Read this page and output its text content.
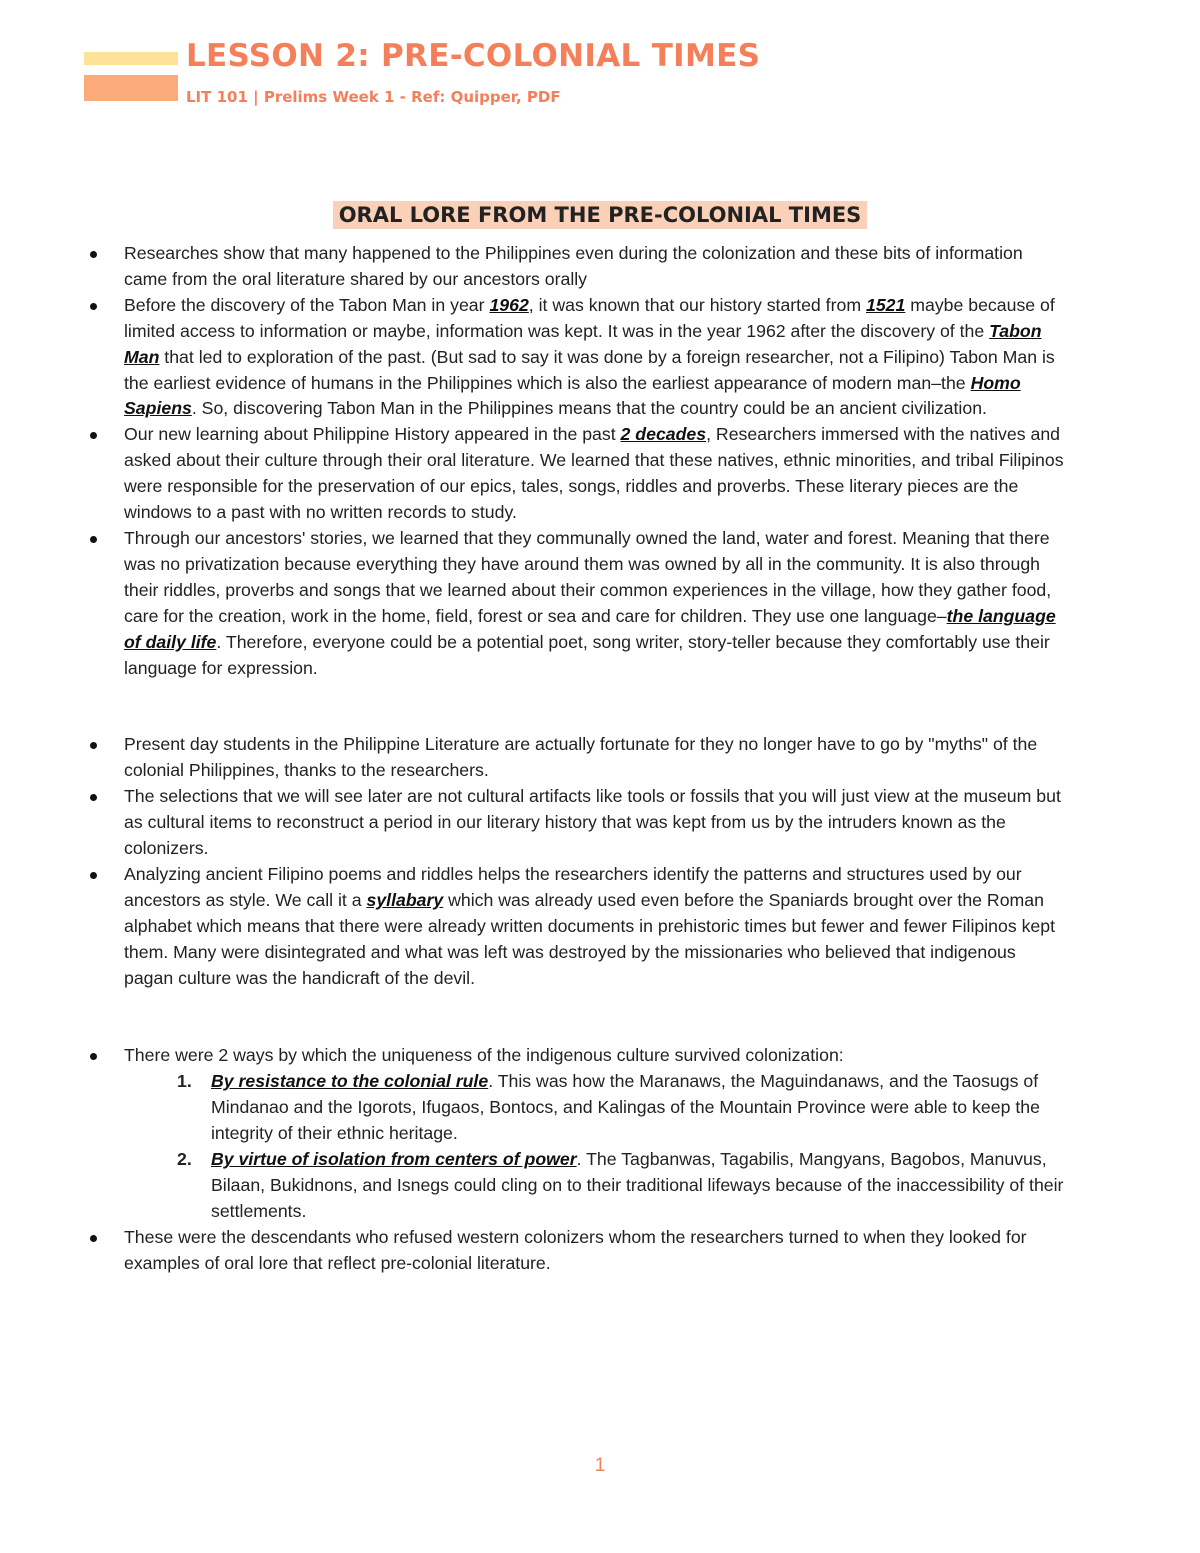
LESSON 2: PRE-COLONIAL TIMES

LIT 101 | Prelims Week 1 - Ref: Quipper, PDF

ORAL LORE FROM THE PRE-COLONIAL TIMES
Researches show that many happened to the Philippines even during the colonization and these bits of information came from the oral literature shared by our ancestors orally
Before the discovery of the Tabon Man in year 1962, it was known that our history started from 1521 maybe because of limited access to information or maybe, information was kept. It was in the year 1962 after the discovery of the Tabon Man that led to exploration of the past. (But sad to say it was done by a foreign researcher, not a Filipino) Tabon Man is the earliest evidence of humans in the Philippines which is also the earliest appearance of modern man–the Homo Sapiens. So, discovering Tabon Man in the Philippines means that the country could be an ancient civilization.
Our new learning about Philippine History appeared in the past 2 decades, Researchers immersed with the natives and asked about their culture through their oral literature. We learned that these natives, ethnic minorities, and tribal Filipinos were responsible for the preservation of our epics, tales, songs, riddles and proverbs. These literary pieces are the windows to a past with no written records to study.
Through our ancestors' stories, we learned that they communally owned the land, water and forest. Meaning that there was no privatization because everything they have around them was owned by all in the community. It is also through their riddles, proverbs and songs that we learned about their common experiences in the village, how they gather food, care for the creation, work in the home, field, forest or sea and care for children. They use one language–the language of daily life. Therefore, everyone could be a potential poet, song writer, story-teller because they comfortably use their language for expression.
Present day students in the Philippine Literature are actually fortunate for they no longer have to go by "myths" of the colonial Philippines, thanks to the researchers.
The selections that we will see later are not cultural artifacts like tools or fossils that you will just view at the museum but as cultural items to reconstruct a period in our literary history that was kept from us by the intruders known as the colonizers.
Analyzing ancient Filipino poems and riddles helps the researchers identify the patterns and structures used by our ancestors as style. We call it a syllabary which was already used even before the Spaniards brought over the Roman alphabet which means that there were already written documents in prehistoric times but fewer and fewer Filipinos kept them. Many were disintegrated and what was left was destroyed by the missionaries who believed that indigenous pagan culture was the handicraft of the devil.
There were 2 ways by which the uniqueness of the indigenous culture survived colonization:
1. By resistance to the colonial rule. This was how the Maranaws, the Maguindanaws, and the Taosugs of Mindanao and the Igorots, Ifugaos, Bontocs, and Kalingas of the Mountain Province were able to keep the integrity of their ethnic heritage.
2. By virtue of isolation from centers of power. The Tagbanwas, Tagabilis, Mangyans, Bagobos, Manuvus, Bilaan, Bukidnons, and Isnegs could cling on to their traditional lifeways because of the inaccessibility of their settlements.
These were the descendants who refused western colonizers whom the researchers turned to when they looked for examples of oral lore that reflect pre-colonial literature.
1
